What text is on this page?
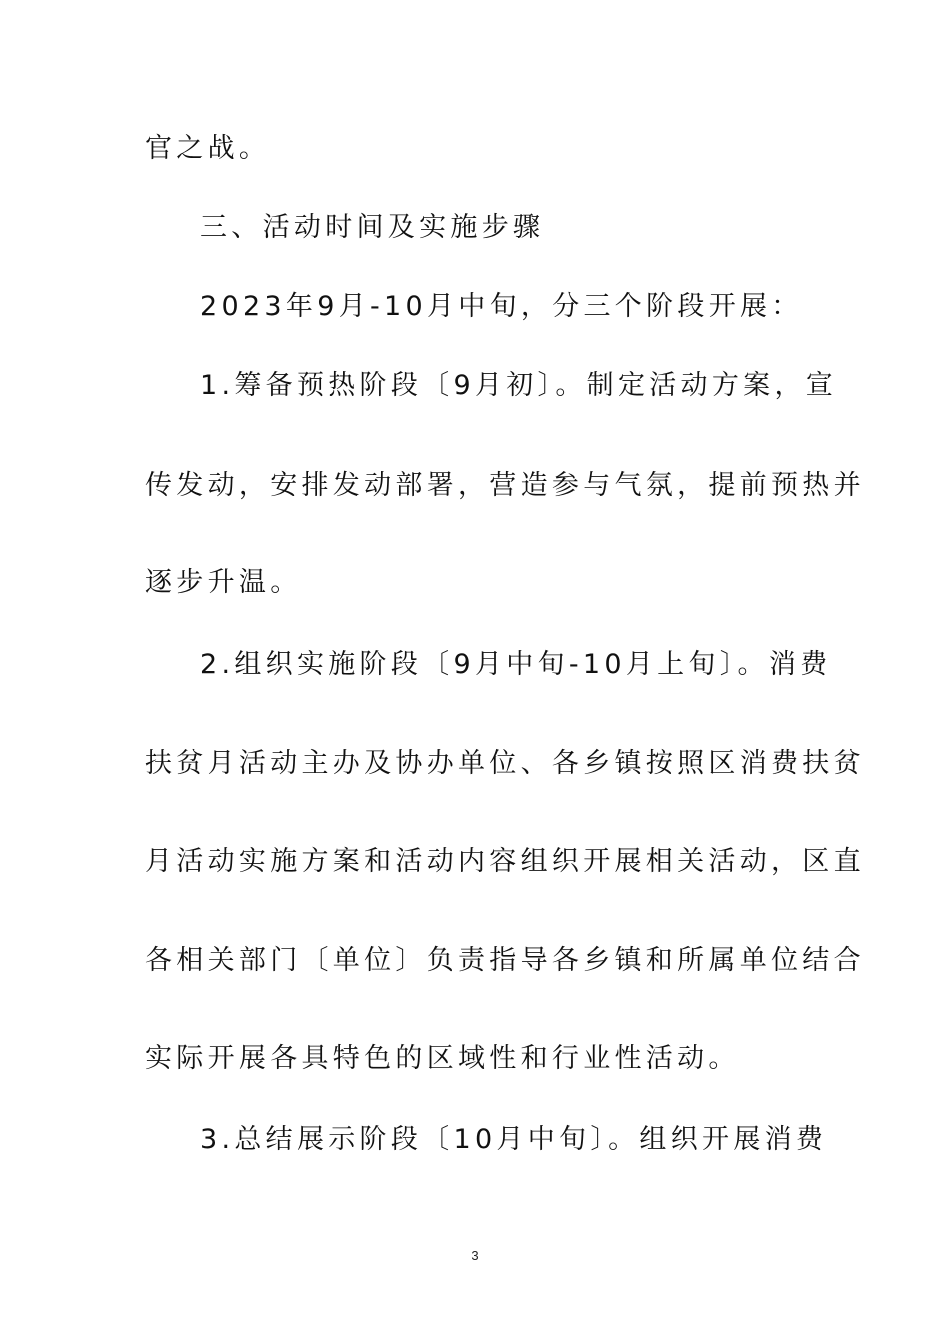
官之战。
三、活动时间及实施步骤
2023年9月-10月中旬，分三个阶段开展：
1.筹备预热阶段〔9月初〕。制定活动方案，宣
传发动，安排发动部署，营造参与气氛，提前预热并
逐步升温。
2.组织实施阶段〔9月中旬-10月上旬〕。消费
扶贫月活动主办及协办单位、各乡镇按照区消费扶贫
月活动实施方案和活动内容组织开展相关活动，区直
各相关部门〔单位〕负责指导各乡镇和所属单位结合
实际开展各具特色的区域性和行业性活动。
3.总结展示阶段〔10月中旬〕。组织开展消费
3
